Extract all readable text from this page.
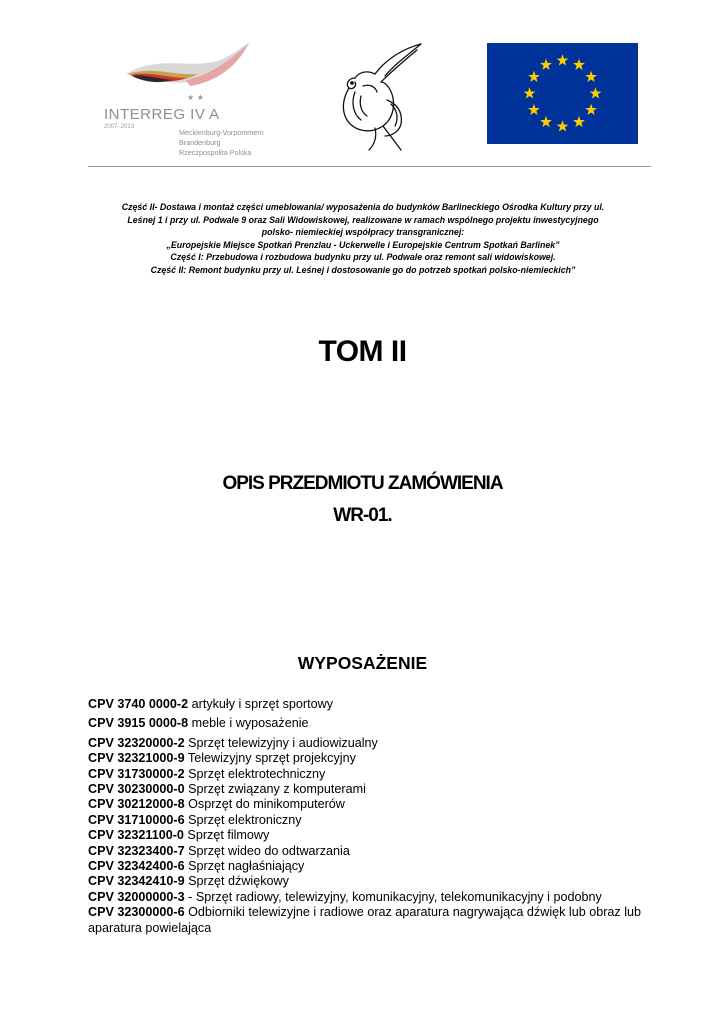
★ ★
INTERREG IV A
2007–2013
Mecklenburg-Vorpommern
Brandenburg
Rzeczpospolita Polska
Część II- Dostawa i montaż części umeblowania/ wyposażenia do budynków Barlineckiego Ośrodka Kultury przy ul.
Leśnej 1 i przy ul. Podwale 9 oraz Sali Widowiskowej, realizowane w ramach wspólnego projektu inwestycyjnego
polsko- niemieckiej współpracy transgranicznej:
„Europejskie Miejsce Spotkań Prenzlau - Uckerwelle i Europejskie Centrum Spotkań Barlinek”
Część I: Przebudowa i rozbudowa budynku przy ul. Podwale oraz remont sali widowiskowej.
Część II: Remont budynku przy ul. Leśnej i dostosowanie go do potrzeb spotkań polsko-niemieckich”
TOM II
OPIS PRZEDMIOTU ZAMÓWIENIA
WR-01.
WYPOSAŻENIE
CPV 3740 0000-2 artykuły i sprzęt sportowy
CPV 3915 0000-8 meble i wyposażenie
CPV 32320000-2 Sprzęt telewizyjny i audiowizualny
CPV 32321000-9 Telewizyjny sprzęt projekcyjny
CPV 31730000-2 Sprzęt elektrotechniczny
CPV 30230000-0 Sprzęt związany z komputerami
CPV 30212000-8 Osprzęt do minikomputerów
CPV 31710000-6 Sprzęt elektroniczny
CPV 32321100-0 Sprzęt filmowy
CPV 32323400-7 Sprzęt wideo do odtwarzania
CPV 32342400-6 Sprzęt nagłaśniający
CPV 32342410-9 Sprzęt dźwiękowy
CPV 32000000-3 - Sprzęt radiowy, telewizyjny, komunikacyjny, telekomunikacyjny i podobny
CPV 32300000-6 Odbiorniki telewizyjne i radiowe oraz aparatura nagrywająca dźwięk lub obraz lub aparatura powielająca
